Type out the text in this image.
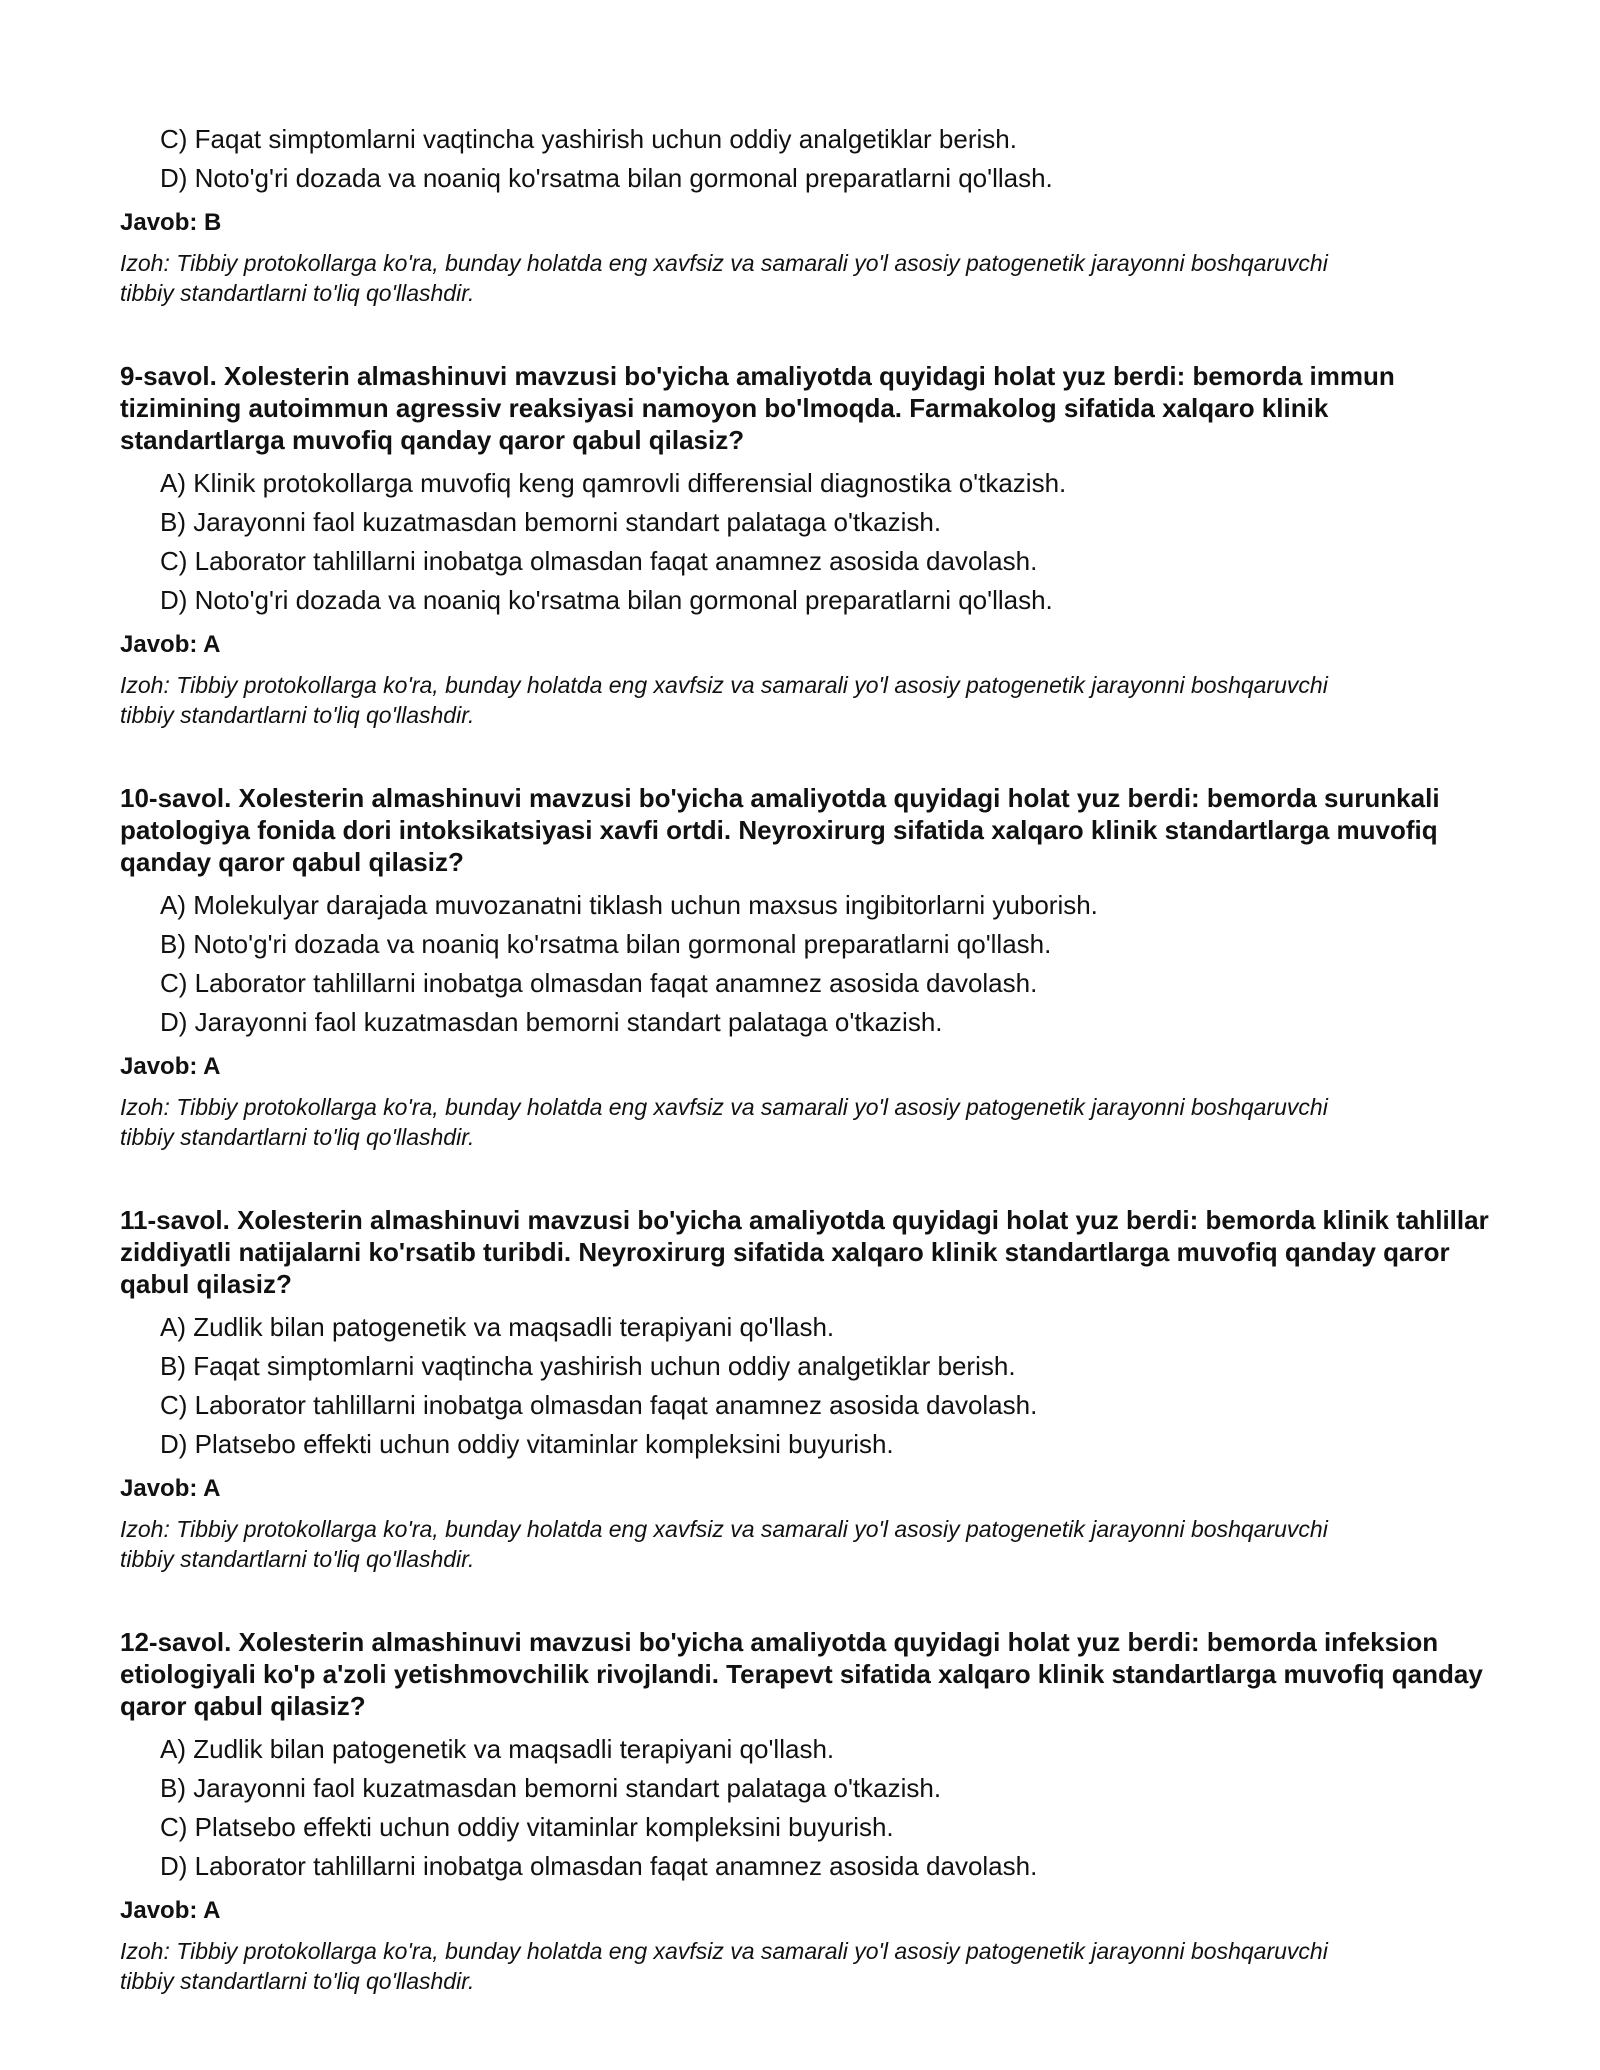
C) Faqat simptomlarni vaqtincha yashirish uchun oddiy analgetiklar berish.
D) Noto'g'ri dozada va noaniq ko'rsatma bilan gormonal preparatlarni qo'llash.
Javob: B
Izoh: Tibbiy protokollarga ko'ra, bunday holatda eng xavfsiz va samarali yo'l asosiy patogenetik jarayonni boshqaruvchi tibbiy standartlarni to'liq qo'llashdir.
9-savol. Xolesterin almashinuvi mavzusi bo'yicha amaliyotda quyidagi holat yuz berdi: bemorda immun tizimining autoimmun agressiv reaksiyasi namoyon bo'lmoqda. Farmakolog sifatida xalqaro klinik standartlarga muvofiq qanday qaror qabul qilasiz?
A) Klinik protokollarga muvofiq keng qamrovli differensial diagnostika o'tkazish.
B) Jarayonni faol kuzatmasdan bemorni standart palataga o'tkazish.
C) Laborator tahlillarni inobatga olmasdan faqat anamnez asosida davolash.
D) Noto'g'ri dozada va noaniq ko'rsatma bilan gormonal preparatlarni qo'llash.
Javob: A
Izoh: Tibbiy protokollarga ko'ra, bunday holatda eng xavfsiz va samarali yo'l asosiy patogenetik jarayonni boshqaruvchi tibbiy standartlarni to'liq qo'llashdir.
10-savol. Xolesterin almashinuvi mavzusi bo'yicha amaliyotda quyidagi holat yuz berdi: bemorda surunkali patologiya fonida dori intoksikatsiyasi xavfi ortdi. Neyroxirurg sifatida xalqaro klinik standartlarga muvofiq qanday qaror qabul qilasiz?
A) Molekulyar darajada muvozanatni tiklash uchun maxsus ingibitorlarni yuborish.
B) Noto'g'ri dozada va noaniq ko'rsatma bilan gormonal preparatlarni qo'llash.
C) Laborator tahlillarni inobatga olmasdan faqat anamnez asosida davolash.
D) Jarayonni faol kuzatmasdan bemorni standart palataga o'tkazish.
Javob: A
Izoh: Tibbiy protokollarga ko'ra, bunday holatda eng xavfsiz va samarali yo'l asosiy patogenetik jarayonni boshqaruvchi tibbiy standartlarni to'liq qo'llashdir.
11-savol. Xolesterin almashinuvi mavzusi bo'yicha amaliyotda quyidagi holat yuz berdi: bemorda klinik tahlillar ziddiyatli natijalarni ko'rsatib turibdi. Neyroxirurg sifatida xalqaro klinik standartlarga muvofiq qanday qaror qabul qilasiz?
A) Zudlik bilan patogenetik va maqsadli terapiyani qo'llash.
B) Faqat simptomlarni vaqtincha yashirish uchun oddiy analgetiklar berish.
C) Laborator tahlillarni inobatga olmasdan faqat anamnez asosida davolash.
D) Platsebo effekti uchun oddiy vitaminlar kompleksini buyurish.
Javob: A
Izoh: Tibbiy protokollarga ko'ra, bunday holatda eng xavfsiz va samarali yo'l asosiy patogenetik jarayonni boshqaruvchi tibbiy standartlarni to'liq qo'llashdir.
12-savol. Xolesterin almashinuvi mavzusi bo'yicha amaliyotda quyidagi holat yuz berdi: bemorda infeksion etiologiyali ko'p a'zoli yetishmovchilik rivojlandi. Terapevt sifatida xalqaro klinik standartlarga muvofiq qanday qaror qabul qilasiz?
A) Zudlik bilan patogenetik va maqsadli terapiyani qo'llash.
B) Jarayonni faol kuzatmasdan bemorni standart palataga o'tkazish.
C) Platsebo effekti uchun oddiy vitaminlar kompleksini buyurish.
D) Laborator tahlillarni inobatga olmasdan faqat anamnez asosida davolash.
Javob: A
Izoh: Tibbiy protokollarga ko'ra, bunday holatda eng xavfsiz va samarali yo'l asosiy patogenetik jarayonni boshqaruvchi tibbiy standartlarni to'liq qo'llashdir.
